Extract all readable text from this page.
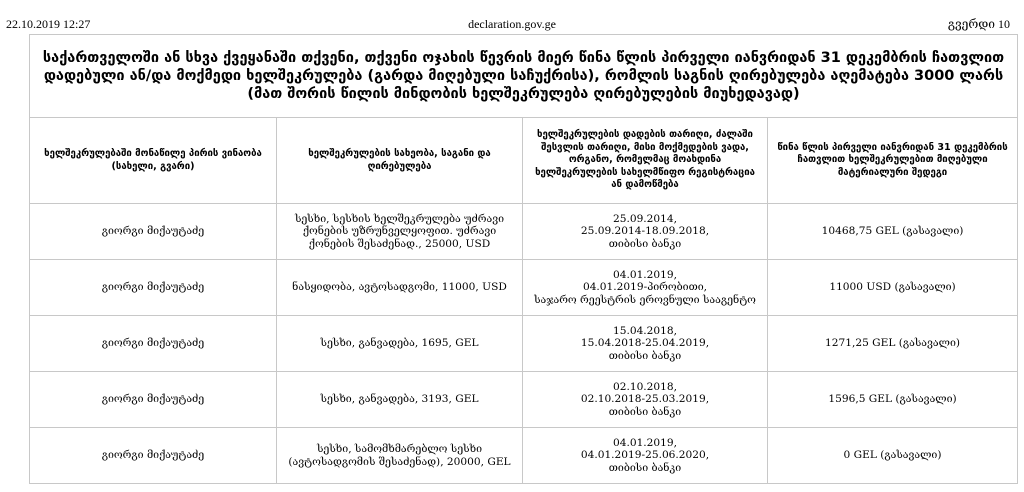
22.10.2019 12:27	declaration.gov.ge	გვერდი 10
საქართველოში ან სხვა ქვეყანაში თქვენი, თქვენი ოჯახის წევრის მიერ წინა წლის პირველი იანვრიდან 31 დეკემბრის ჩათვლით დადებული ან/და მოქმედი ხელშეკრულება (გარდა მიღებული საჩუქრისა), რომლის საგნის ღირებულება აღემატება 3000 ლარს (მათ შორის წილის მინდობის ხელშეკრულება ღირებულების მიუხედავად)			
ხელშეკრულებაში მონაწილე პირის ვინაობა (სახელი, გვარი)	ხელშეკრულების სახეობა, საგანი და ღირებულება	ხელშეკრულების დადების თარიღი, ძალაში შესვლის თარიღი, მისი მოქმედების ვადა, ორგანო, რომელმაც მოახდინა ხელშეკრულების სახელმწიფო რეგისტრაცია ან დამოწმება	წინა წლის პირველი იანვრიდან 31 დეკემბრის ჩათვლით ხელშეკრულებით მიღებული მატერიალური შედეგი
გიორგი მიქაუტაძე	სესხი, სესხის ხელშეკრულება უძრავი ქონების უზრუნველყოფით. უძრავი ქონების შესაძენად., 25000, USD	25.09.2014,
25.09.2014-18.09.2018,
თიბისი ბანკი	10468,75 GEL (გასავალი)
გიორგი მიქაუტაძე	ნასყიდობა, ავტოსადგომი, 11000, USD	04.01.2019,
04.01.2019-პირობითი,
საჯარო რეესტრის ეროვნული სააგენტო	11000 USD (გასავალი)
გიორგი მიქაუტაძე	სესხი, განვადება, 1695, GEL	15.04.2018,
15.04.2018-25.04.2019,
თიბისი ბანკი	1271,25 GEL (გასავალი)
გიორგი მიქაუტაძე	სესხი, განვადება, 3193, GEL	02.10.2018,
02.10.2018-25.03.2019,
თიბისი ბანკი	1596,5 GEL (გასავალი)
გიორგი მიქაუტაძე	სესხი, სამომხმარებლო სესხი (ავტოსადგომის შესაძენად), 20000, GEL	04.01.2019,
04.01.2019-25.06.2020,
თიბისი ბანკი	0 GEL (გასავალი)
